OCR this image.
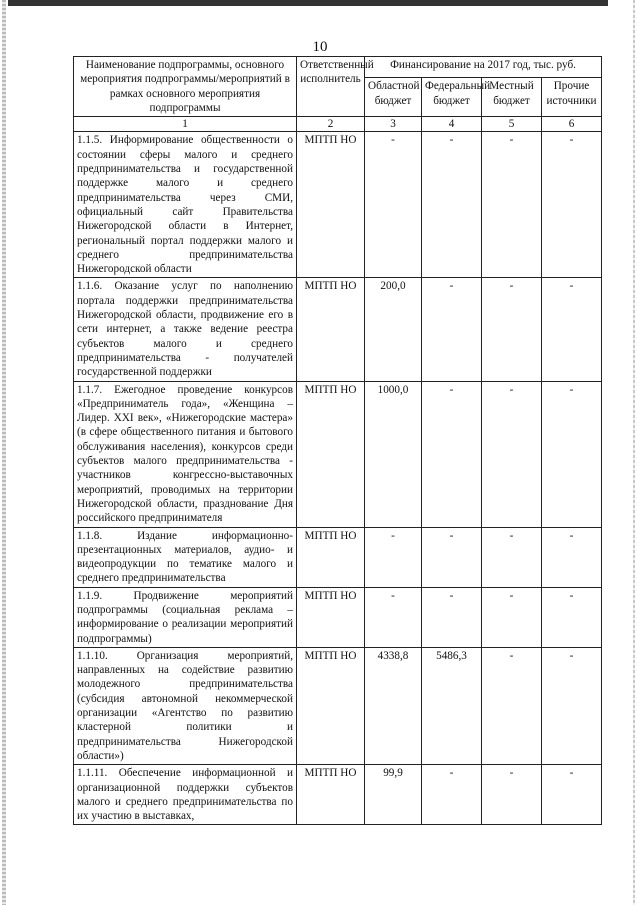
10
Наименование подпрограммы, основного мероприятия подпрограммы/мероприятий в рамках основного мероприятия подпрограммы	Ответственный исполнитель	Финансирование на 2017 год, тыс. руб.			
		Областной бюджет	Федеральный бюджет	Местный бюджет	Прочие источники
1	2	3	4	5	6
1.1.5. Информирование общественности о состоянии сферы малого и среднего предпринимательства и государственной поддержке малого и среднего предпринимательства через СМИ, официальный сайт Правительства Нижегородской области в Интернет, региональный портал поддержки малого и среднего предпринимательства Нижегородской области	МПТП НО	-	-	-	-
1.1.6. Оказание услуг по наполнению портала поддержки предпринимательства Нижегородской области, продвижение его в сети интернет, а также ведение реестра субъектов малого и среднего предпринимательства - получателей государственной поддержки	МПТП НО	200,0	-	-	-
1.1.7. Ежегодное проведение конкурсов «Предприниматель года», «Женщина – Лидер. XXI век», «Нижегородские мастера» (в сфере общественного питания и бытового обслуживания населения), конкурсов среди субъектов малого предпринимательства - участников конгрессно-выставочных мероприятий, проводимых на территории Нижегородской области, празднование Дня российского предпринимателя	МПТП НО	1000,0	-	-	-
1.1.8. Издание информационно-презентационных материалов, аудио- и видеопродукции по тематике малого и среднего предпринимательства	МПТП НО	-	-	-	-
1.1.9. Продвижение мероприятий подпрограммы (социальная реклама – информирование о реализации мероприятий подпрограммы)	МПТП НО	-	-	-	-
1.1.10. Организация мероприятий, направленных на содействие развитию молодежного предпринимательства (субсидия автономной некоммерческой организации «Агентство по развитию кластерной политики и предпринимательства Нижегородской области»)	МПТП НО	4338,8	5486,3	-	-
1.1.11. Обеспечение информационной и организационной поддержки субъектов малого и среднего предпринимательства по их участию в выставках,	МПТП НО	99,9	-	-	-
